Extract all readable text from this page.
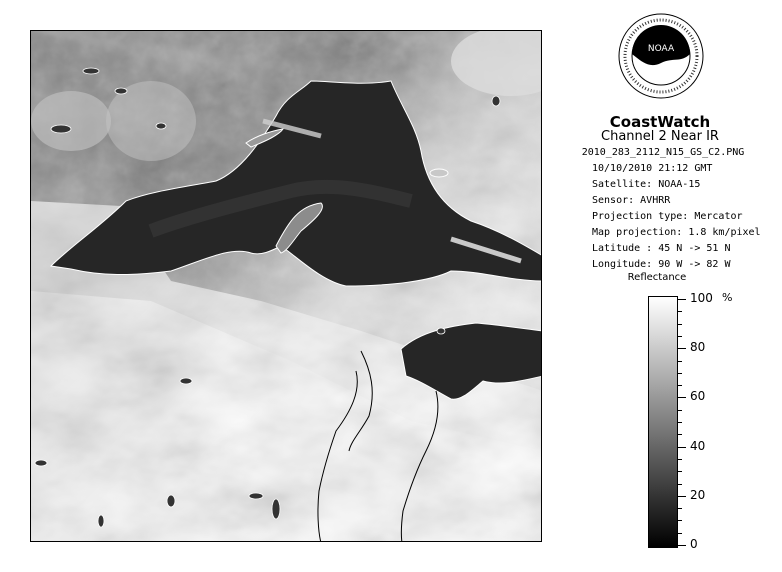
NOAA
CoastWatch
Channel 2 Near IR
2010_283_2112_N15_GS_C2.PNG
10/10/2010 21:12 GMT
Satellite: NOAA-15
Sensor: AVHRR
Projection type: Mercator
Map projection: 1.8 km/pixel
Latitude : 45 N -> 51 N
Longitude: 90 W -> 82 W
Reflectance
%
100
80
60
40
20
0
